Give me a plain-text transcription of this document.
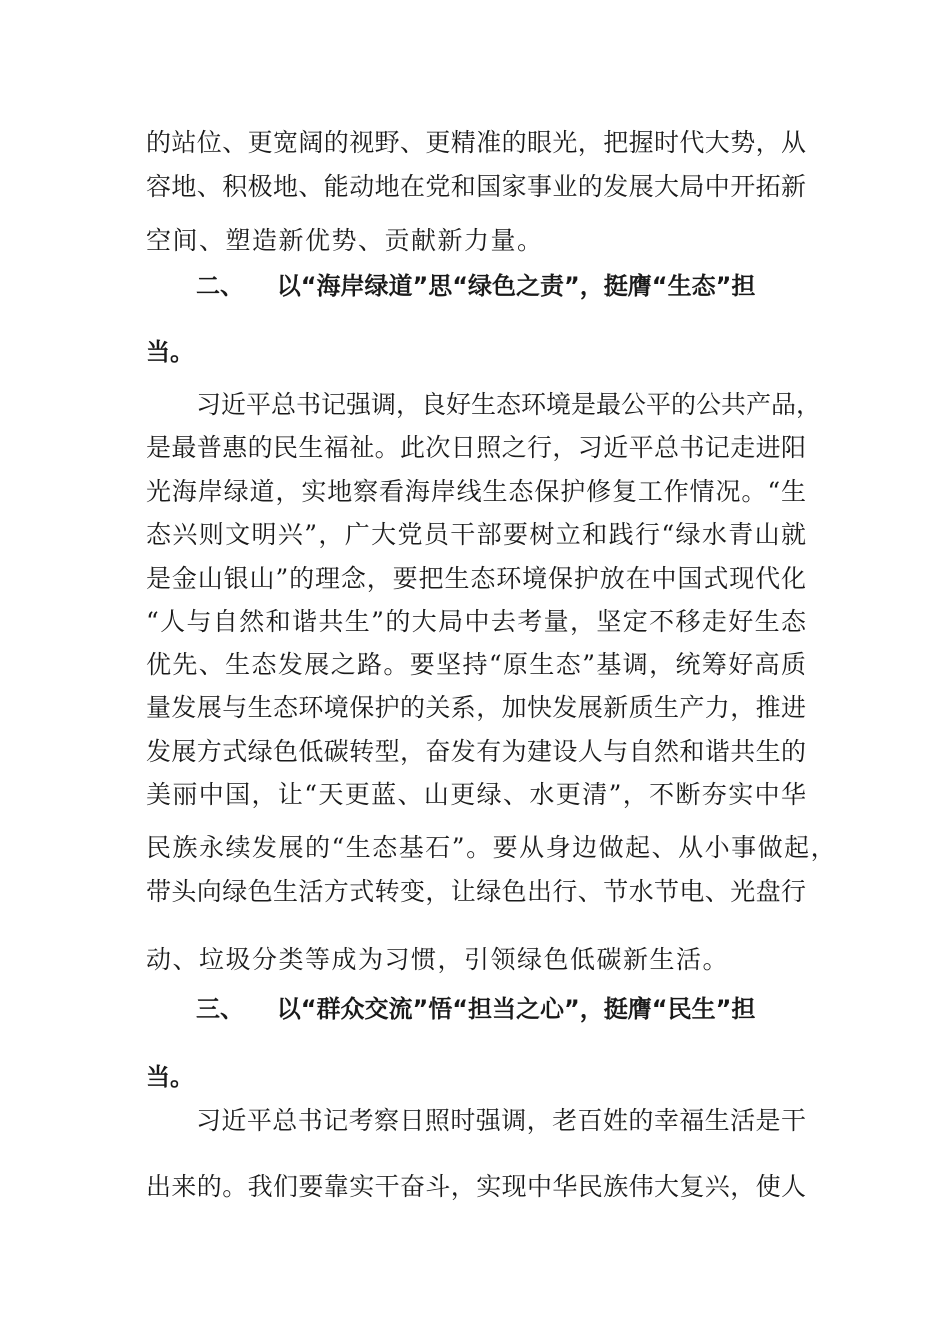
的站位、更宽阔的视野、更精准的眼光，把握时代大势，从
容地、积极地、能动地在党和国家事业的发展大局中开拓新
空间、塑造新优势、贡献新力量。
二、 以“海岸绿道”思“绿色之责”，挺膺“生态”担
当。
习近平总书记强调，良好生态环境是最公平的公共产品，
是最普惠的民生福祉。此次日照之行，习近平总书记走进阳
光海岸绿道，实地察看海岸线生态保护修复工作情况。“生
态兴则文明兴”，广大党员干部要树立和践行“绿水青山就
是金山银山”的理念，要把生态环境保护放在中国式现代化
“人与自然和谐共生”的大局中去考量，坚定不移走好生态
优先、生态发展之路。要坚持“原生态”基调，统筹好高质
量发展与生态环境保护的关系，加快发展新质生产力，推进
发展方式绿色低碳转型，奋发有为建设人与自然和谐共生的
美丽中国，让“天更蓝、山更绿、水更清”，不断夯实中华
民族永续发展的“生态基石”。要从身边做起、从小事做起，
带头向绿色生活方式转变，让绿色出行、节水节电、光盘行
动、垃圾分类等成为习惯，引领绿色低碳新生活。
三、 以“群众交流”悟“担当之心”，挺膺“民生”担
当。
习近平总书记考察日照时强调，老百姓的幸福生活是干
出来的。我们要靠实干奋斗，实现中华民族伟大复兴，使人
